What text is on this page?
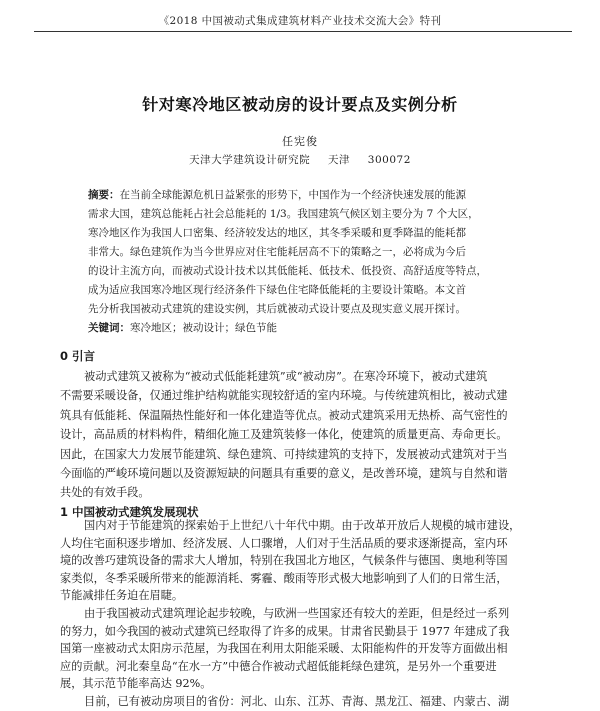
《2018 中国被动式集成建筑材料产业技术交流大会》特刊
针对寒冷地区被动房的设计要点及实例分析
任宪俊
天津大学建筑设计研究院 天津 300072
摘要：在当前全球能源危机日益紧张的形势下，中国作为一个经济快速发展的能源
需求大国，建筑总能耗占社会总能耗的 1/3。我国建筑气候区划主要分为 7 个大区，
寒冷地区作为我国人口密集、经济较发达的地区，其冬季采暖和夏季降温的能耗都
非常大。绿色建筑作为当今世界应对住宅能耗居高不下的策略之一，必将成为今后
的设计主流方向，而被动式设计技术以其低能耗、低技术、低投资、高舒适度等特点，
成为适应我国寒冷地区现行经济条件下绿色住宅降低能耗的主要设计策略。本文首
先分析我国被动式建筑的建设实例，其后就被动式设计要点及现实意义展开探讨。
关键词：寒冷地区；被动设计；绿色节能
0 引言
被动式建筑又被称为“被动式低能耗建筑”或“被动房”。在寒冷环境下，被动式建筑
不需要采暖设备，仅通过维护结构就能实现较舒适的室内环境。与传统建筑相比，被动式建
筑具有低能耗、保温隔热性能好和一体化建造等优点。被动式建筑采用无热桥、高气密性的
设计，高品质的材料构件，精细化施工及建筑装修一体化，使建筑的质量更高、寿命更长。
因此，在国家大力发展节能建筑、绿色建筑、可持续建筑的支持下，发展被动式建筑对于当
今面临的严峻环境问题以及资源短缺的问题具有重要的意义，是改善环境，建筑与自然和谐
共处的有效手段。
1 中国被动式建筑发展现状
国内对于节能建筑的探索始于上世纪八十年代中期。由于改革开放后人规模的城市建设，
人均住宅面积逐步增加、经济发展、人口骤增，人们对于生活品质的要求逐渐提高，室内环
境的改善巧建筑设备的需求大人增加，特别在我国北方地区，气候条件与德国、奥地利等国
家类似，冬季采暖所带来的能源消耗、雾霾、酸雨等形式极大地影响到了人们的日常生活，
节能减排任务迫在眉睫。
由于我国被动式建筑理论起步较晚，与欧洲一些国家还有较大的差距，但是经过一系列
的努力，如今我国的被动式建筑已经取得了许多的成果。甘肃省民勤县于 1977 年建成了我
国第一座被动式太阳房示范屋，为我国在利用太阳能采暖、太阳能构件的开发等方面做出相
应的贡献。河北秦皇岛“在水一方”中德合作被动式超低能耗绿色建筑，是另外一个重要进
展，其示范节能率高达 92%。
目前，已有被动房项目的省份：河北、山东、江苏、青海、黑龙江、福建、内蒙古、湖
